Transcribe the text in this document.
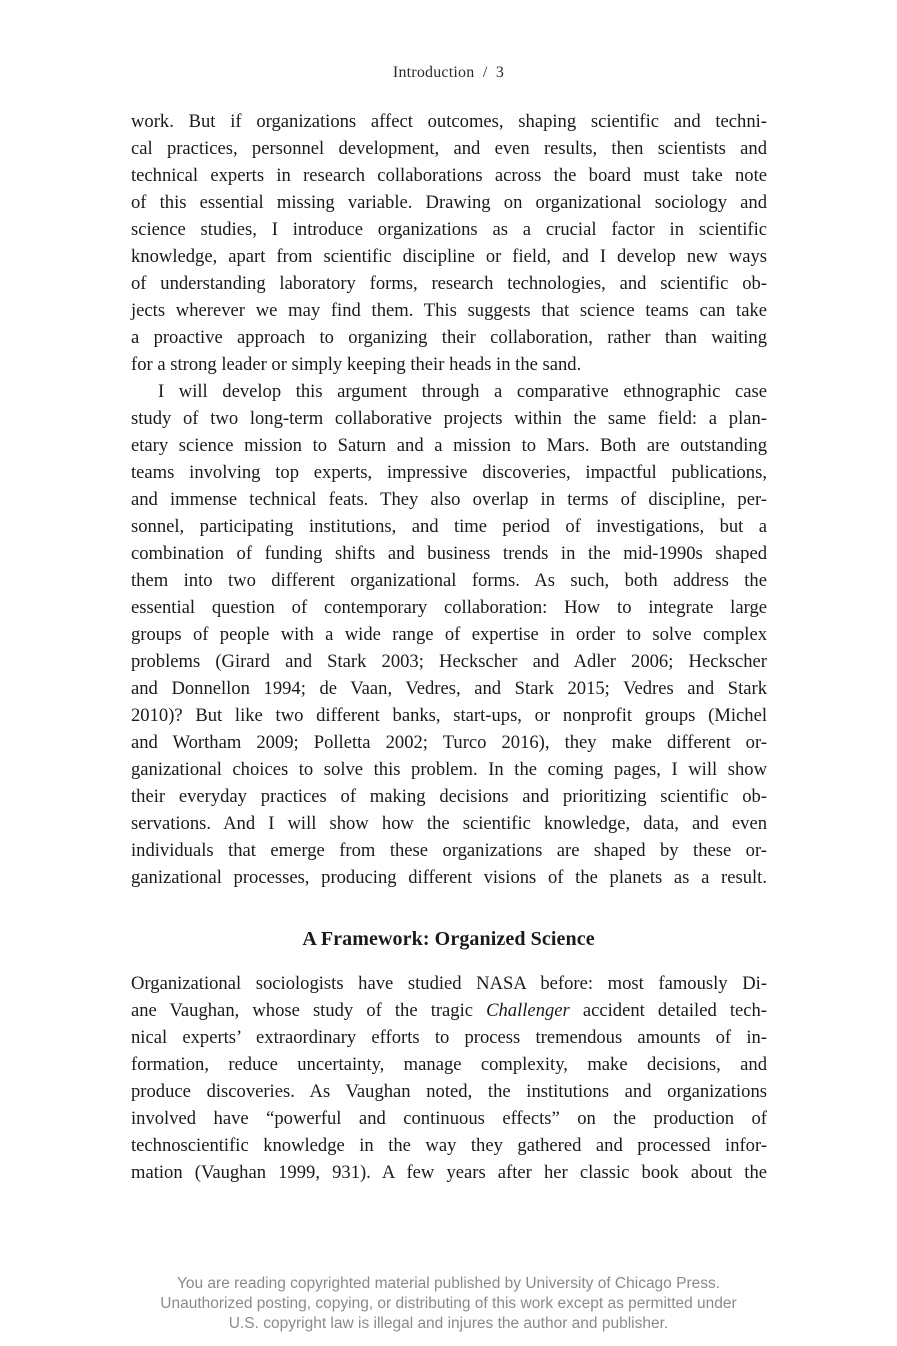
Introduction  /  3
work. But if organizations affect outcomes, shaping scientific and techni-
cal practices, personnel development, and even results, then scientists and
technical experts in research collaborations across the board must take note
of this essential missing variable. Drawing on organizational sociology and
science studies, I introduce organizations as a crucial factor in scientific
knowledge, apart from scientific discipline or field, and I develop new ways
of understanding laboratory forms, research technologies, and scientific ob-
jects wherever we may find them. This suggests that science teams can take
a proactive approach to organizing their collaboration, rather than waiting
for a strong leader or simply keeping their heads in the sand.
I will develop this argument through a comparative ethnographic case
study of two long-term collaborative projects within the same field: a plan-
etary science mission to Saturn and a mission to Mars. Both are outstanding
teams involving top experts, impressive discoveries, impactful publications,
and immense technical feats. They also overlap in terms of discipline, per-
sonnel, participating institutions, and time period of investigations, but a
combination of funding shifts and business trends in the mid-1990s shaped
them into two different organizational forms. As such, both address the
essential question of contemporary collaboration: How to integrate large
groups of people with a wide range of expertise in order to solve complex
problems (Girard and Stark 2003; Heckscher and Adler 2006; Heckscher
and Donnellon 1994; de Vaan, Vedres, and Stark 2015; Vedres and Stark
2010)? But like two different banks, start-ups, or nonprofit groups (Michel
and Wortham 2009; Polletta 2002; Turco 2016), they make different or-
ganizational choices to solve this problem. In the coming pages, I will show
their everyday practices of making decisions and prioritizing scientific ob-
servations. And I will show how the scientific knowledge, data, and even
individuals that emerge from these organizations are shaped by these or-
ganizational processes, producing different visions of the planets as a result.
A Framework: Organized Science
Organizational sociologists have studied NASA before: most famously Di-
ane Vaughan, whose study of the tragic Challenger accident detailed tech-
nical experts’ extraordinary efforts to process tremendous amounts of in-
formation, reduce uncertainty, manage complexity, make decisions, and
produce discoveries. As Vaughan noted, the institutions and organizations
involved have “powerful and continuous effects” on the production of
technoscientific knowledge in the way they gathered and processed infor-
mation (Vaughan 1999, 931). A few years after her classic book about the
You are reading copyrighted material published by University of Chicago Press.
Unauthorized posting, copying, or distributing of this work except as permitted under
U.S. copyright law is illegal and injures the author and publisher.
